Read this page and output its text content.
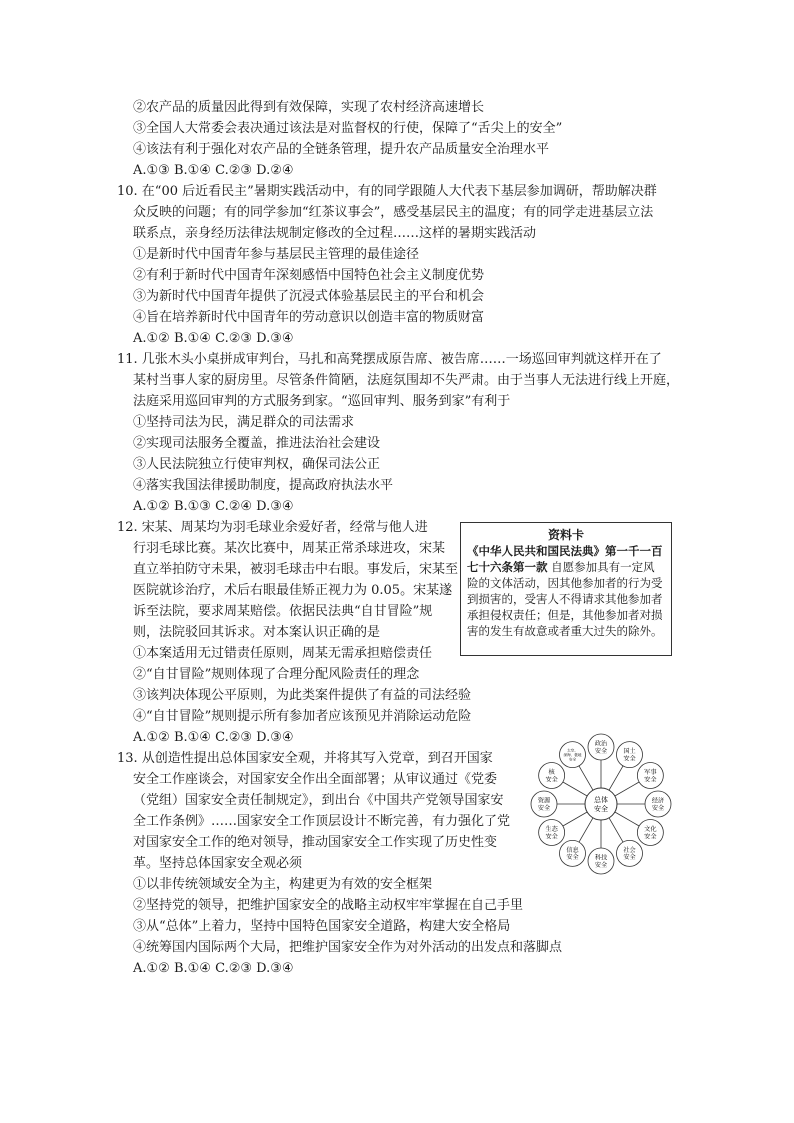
②农产品的质量因此得到有效保障，实现了农村经济高速增长
③全国人大常委会表决通过该法是对监督权的行使，保障了“舌尖上的安全”
④该法有利于强化对农产品的全链条管理，提升农产品质量安全治理水平
A.①③ B.①④ C.②③ D.②④
10. 在“00 后近看民主”暑期实践活动中，有的同学跟随人大代表下基层参加调研，帮助解决群
众反映的问题；有的同学参加“红茶议事会”，感受基层民主的温度；有的同学走进基层立法
联系点，亲身经历法律法规制定修改的全过程……这样的暑期实践活动
①是新时代中国青年参与基层民主管理的最佳途径
②有利于新时代中国青年深刻感悟中国特色社会主义制度优势
③为新时代中国青年提供了沉浸式体验基层民主的平台和机会
④旨在培养新时代中国青年的劳动意识以创造丰富的物质财富
A.①② B.①④ C.②③ D.③④
11. 几张木头小桌拼成审判台，马扎和高凳摆成原告席、被告席……一场巡回审判就这样开在了
某村当事人家的厨房里。尽管条件简陋，法庭氛围却不失严肃。由于当事人无法进行线上开庭，
法庭采用巡回审判的方式服务到家。“巡回审判、服务到家”有利于
①坚持司法为民，满足群众的司法需求
②实现司法服务全覆盖，推进法治社会建设
③人民法院独立行使审判权，确保司法公正
④落实我国法律援助制度，提高政府执法水平
A.①② B.①③ C.②④ D.③④
12. 宋某、周某均为羽毛球业余爱好者，经常与他人进
行羽毛球比赛。某次比赛中，周某正常杀球进攻，宋某
直立举拍防守未果，被羽毛球击中右眼。事发后，宋某至
医院就诊治疗，术后右眼最佳矫正视力为 0.05。宋某遂
诉至法院，要求周某赔偿。依据民法典“自甘冒险”规
则，法院驳回其诉求。对本案认识正确的是
①本案适用无过错责任原则，周某无需承担赔偿责任
②“自甘冒险”规则体现了合理分配风险责任的理念
③该判决体现公平原则，为此类案件提供了有益的司法经验
④“自甘冒险”规则提示所有参加者应该预见并消除运动危险
A.①② B.①④ C.②③ D.③④
13. 从创造性提出总体国家安全观，并将其写入党章，到召开国家
安全工作座谈会，对国家安全作出全面部署；从审议通过《党委
（党组）国家安全责任制规定》，到出台《中国共产党领导国家安
全工作条例》……国家安全工作顶层设计不断完善，有力强化了党
对国家安全工作的绝对领导，推动国家安全工作实现了历史性变
革。坚持总体国家安全观必须
①以非传统领域安全为主，构建更为有效的安全框架
②坚持党的领导，把维护国家安全的战略主动权牢牢掌握在自己手里
③从“总体”上着力，坚持中国特色国家安全道路，构建大安全格局
④统筹国内国际两个大局，把维护国家安全作为对外活动的出发点和落脚点
A.①② B.①④ C.②③ D.③④
资料卡
《中华人民共和国民法典》第一千一百七十六条第一款 自愿参加具有一定风险的文体活动，因其他参加者的行为受到损害的，受害人不得请求其他参加者承担侵权责任；但是，其他参加者对损害的发生有故意或者重大过失的除外。
政治
安全	国土
安全
军事
安全
经济
安全
文化
安全
社会
安全
科技
安全
信息
安全
生态
安全
资源
安全
核
安全
太空、
深海、极地
安全
总体
安全
